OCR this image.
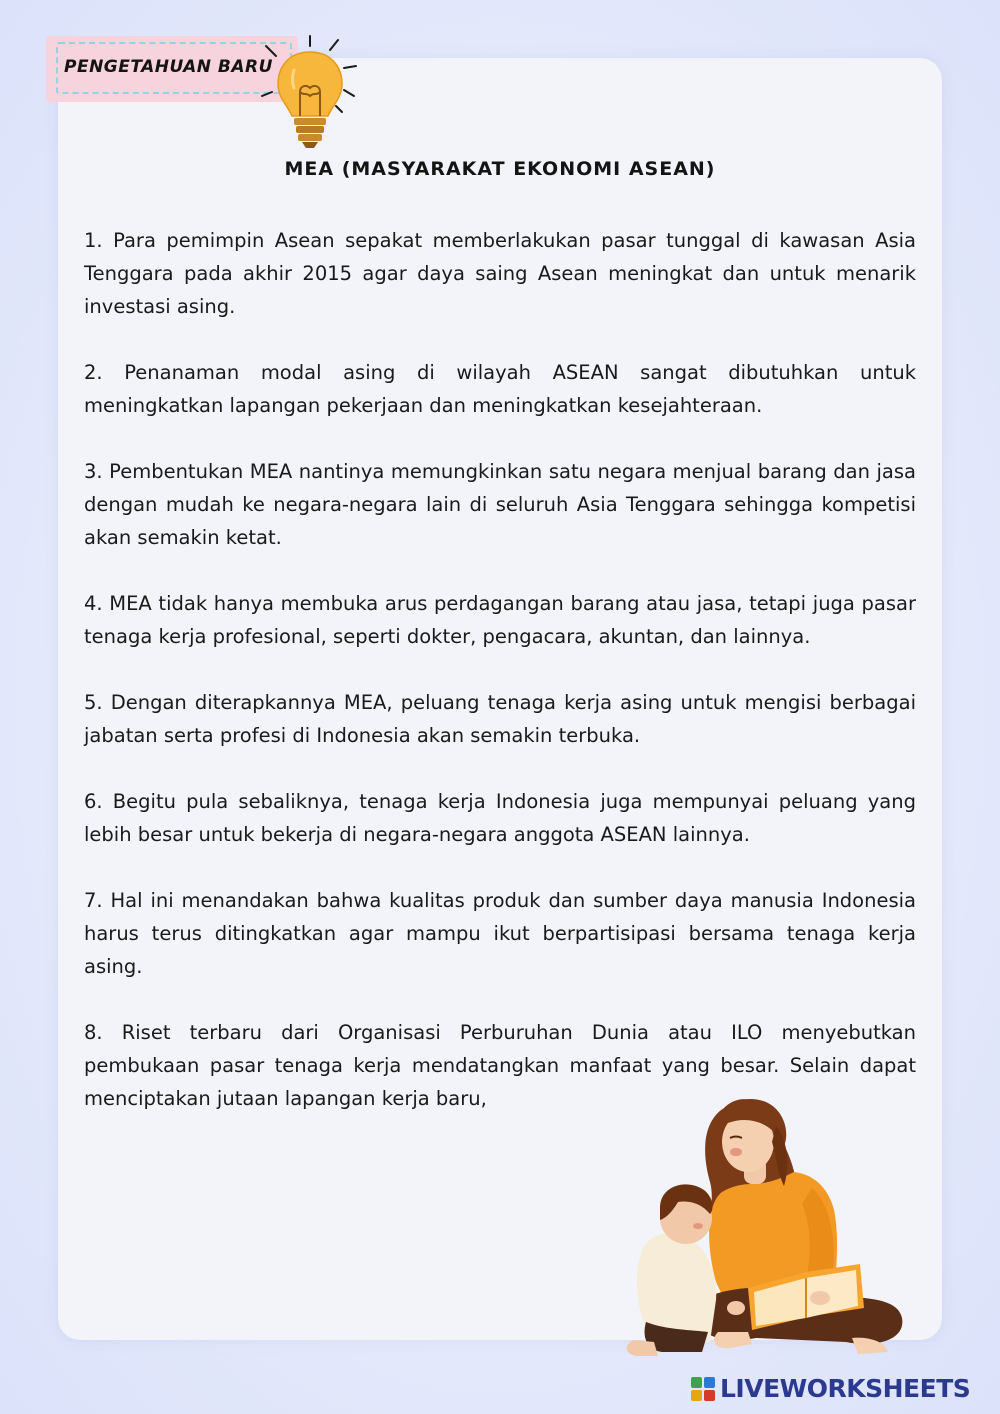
PENGETAHUAN BARU
MEA (MASYARAKAT EKONOMI ASEAN)

1. Para pemimpin Asean sepakat memberlakukan pasar tunggal di kawasan Asia Tenggara pada akhir 2015 agar daya saing Asean meningkat dan untuk menarik investasi asing.

2. Penanaman modal asing di wilayah ASEAN sangat dibutuhkan untuk meningkatkan lapangan pekerjaan dan meningkatkan kesejahteraan.

3. Pembentukan MEA nantinya memungkinkan satu negara menjual barang dan jasa dengan mudah ke negara-negara lain di seluruh Asia Tenggara sehingga kompetisi akan semakin ketat.

4. MEA tidak hanya membuka arus perdagangan barang atau jasa, tetapi juga pasar tenaga kerja profesional, seperti dokter, pengacara, akuntan, dan lainnya.

5. Dengan diterapkannya MEA, peluang tenaga kerja asing untuk mengisi berbagai jabatan serta profesi di Indonesia akan semakin terbuka.

6. Begitu pula sebaliknya, tenaga kerja Indonesia juga mempunyai peluang yang lebih besar untuk bekerja di negara-negara anggota ASEAN lainnya.

7. Hal ini menandakan bahwa kualitas produk dan sumber daya manusia Indonesia harus terus ditingkatkan agar mampu ikut berpartisipasi bersama tenaga kerja asing.

8. Riset terbaru dari Organisasi Perburuhan Dunia atau ILO menyebutkan pembukaan pasar tenaga kerja mendatangkan manfaat yang besar. Selain dapat menciptakan jutaan lapangan kerja baru,

LIVEWORKSHEETS
